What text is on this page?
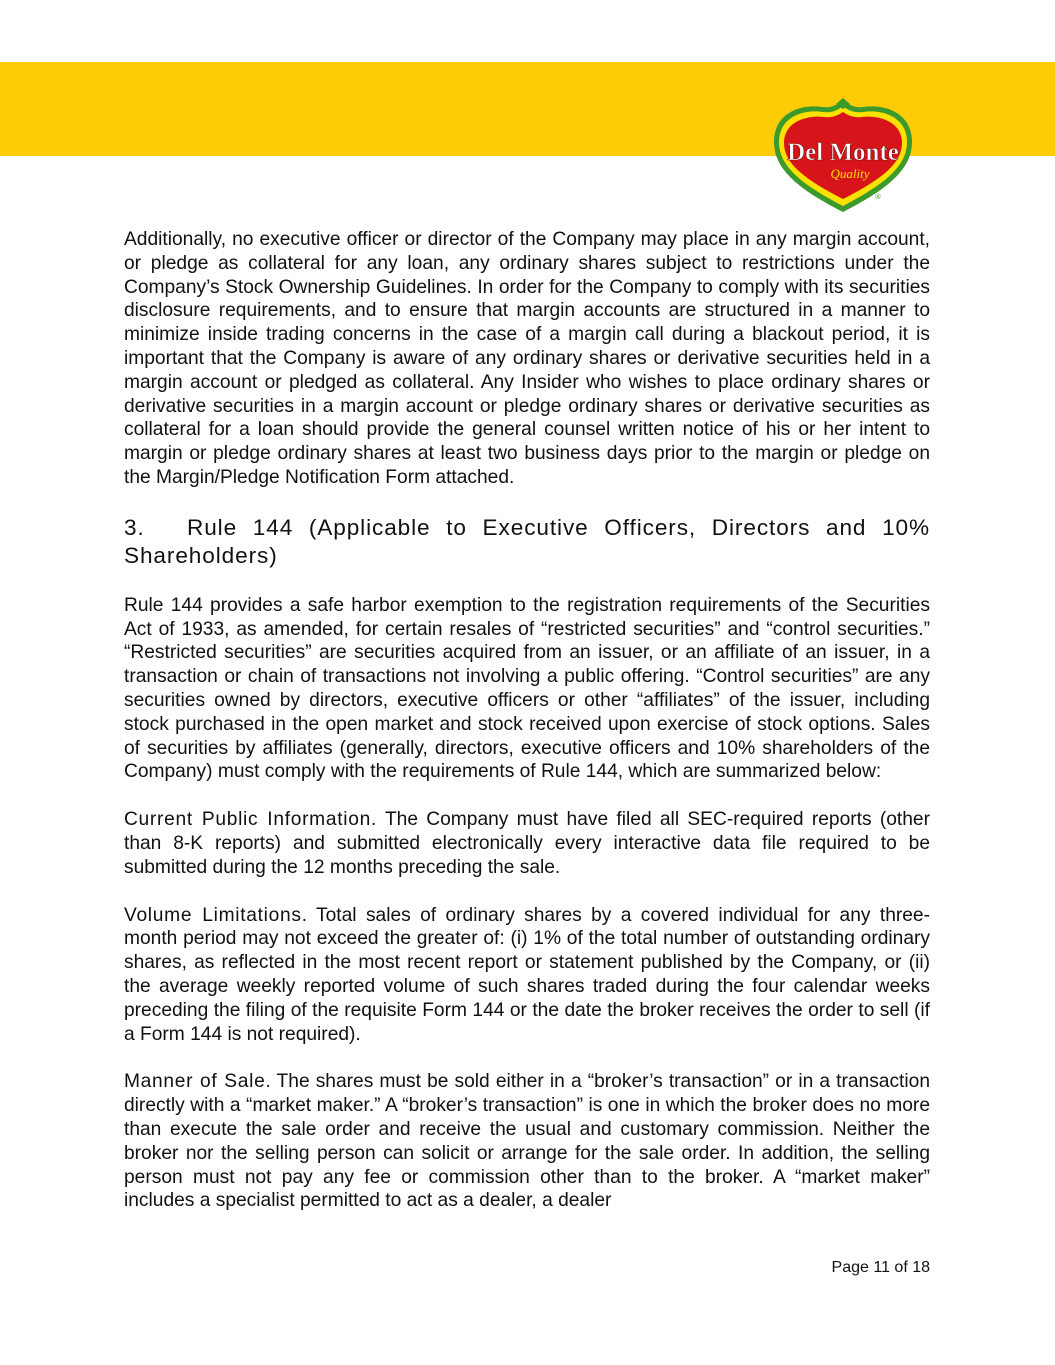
Del Monte
Quality
®

Additionally, no executive officer or director of the Company may place in any margin account, or pledge as collateral for any loan, any ordinary shares subject to restrictions under the Company’s Stock Ownership Guidelines. In order for the Company to comply with its securities disclosure requirements, and to ensure that margin accounts are structured in a manner to minimize inside trading concerns in the case of a margin call during a blackout period, it is important that the Company is aware of any ordinary shares or derivative securities held in a margin account or pledged as collateral. Any Insider who wishes to place ordinary shares or derivative securities in a margin account or pledge ordinary shares or derivative securities as collateral for a loan should provide the general counsel written notice of his or her intent to margin or pledge ordinary shares at least two business days prior to the margin or pledge on the Margin/Pledge Notification Form attached.

3. Rule 144 (Applicable to Executive Officers, Directors and 10% Shareholders)

Rule 144 provides a safe harbor exemption to the registration requirements of the Securities Act of 1933, as amended, for certain resales of “restricted securities” and “control securities.” “Restricted securities” are securities acquired from an issuer, or an affiliate of an issuer, in a transaction or chain of transactions not involving a public offering. “Control securities” are any securities owned by directors, executive officers or other “affiliates” of the issuer, including stock purchased in the open market and stock received upon exercise of stock options. Sales of securities by affiliates (generally, directors, executive officers and 10% shareholders of the Company) must comply with the requirements of Rule 144, which are summarized below:

Current Public Information. The Company must have filed all SEC-required reports (other than 8-K reports) and submitted electronically every interactive data file required to be submitted during the 12 months preceding the sale.

Volume Limitations. Total sales of ordinary shares by a covered individual for any three-month period may not exceed the greater of: (i) 1% of the total number of outstanding ordinary shares, as reflected in the most recent report or statement published by the Company, or (ii) the average weekly reported volume of such shares traded during the four calendar weeks preceding the filing of the requisite Form 144 or the date the broker receives the order to sell (if a Form 144 is not required).

Manner of Sale. The shares must be sold either in a “broker’s transaction” or in a transaction directly with a “market maker.” A “broker’s transaction” is one in which the broker does no more than execute the sale order and receive the usual and customary commission. Neither the broker nor the selling person can solicit or arrange for the sale order. In addition, the selling person must not pay any fee or commission other than to the broker. A “market maker” includes a specialist permitted to act as a dealer, a dealer

Page 11 of 18
